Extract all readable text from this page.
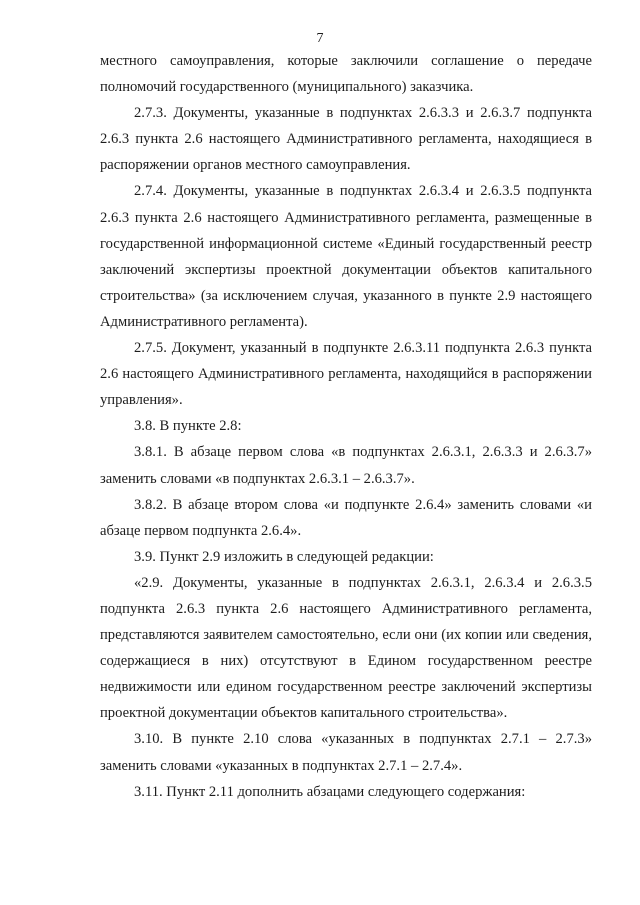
7

местного самоуправления, которые заключили соглашение о передаче полномочий государственного (муниципального) заказчика.

2.7.3. Документы, указанные в подпунктах 2.6.3.3 и 2.6.3.7 подпункта 2.6.3 пункта 2.6 настоящего Административного регламента, находящиеся в распоряжении органов местного самоуправления.

2.7.4. Документы, указанные в подпунктах 2.6.3.4 и 2.6.3.5 подпункта 2.6.3 пункта 2.6 настоящего Административного регламента, размещенные в государственной информационной системе «Единый государственный реестр заключений экспертизы проектной документации объектов капитального строительства» (за исключением случая, указанного в пункте 2.9 настоящего Административного регламента).

2.7.5. Документ, указанный в подпункте 2.6.3.11 подпункта 2.6.3 пункта 2.6 настоящего Административного регламента, находящийся в распоряжении управления».

3.8. В пункте 2.8:

3.8.1. В абзаце первом слова «в подпунктах 2.6.3.1, 2.6.3.3 и 2.6.3.7» заменить словами «в подпунктах 2.6.3.1 – 2.6.3.7».

3.8.2. В абзаце втором слова «и подпункте 2.6.4» заменить словами «и абзаце первом подпункта 2.6.4».

3.9. Пункт 2.9 изложить в следующей редакции:

«2.9. Документы, указанные в подпунктах 2.6.3.1, 2.6.3.4 и 2.6.3.5 подпункта 2.6.3 пункта 2.6 настоящего Административного регламента, представляются заявителем самостоятельно, если они (их копии или сведения, содержащиеся в них) отсутствуют в Едином государственном реестре недвижимости или едином государственном реестре заключений экспертизы проектной документации объектов капитального строительства».

3.10. В пункте 2.10 слова «указанных в подпунктах 2.7.1 – 2.7.3» заменить словами «указанных в подпунктах 2.7.1 – 2.7.4».

3.11. Пункт 2.11 дополнить абзацами следующего содержания:
